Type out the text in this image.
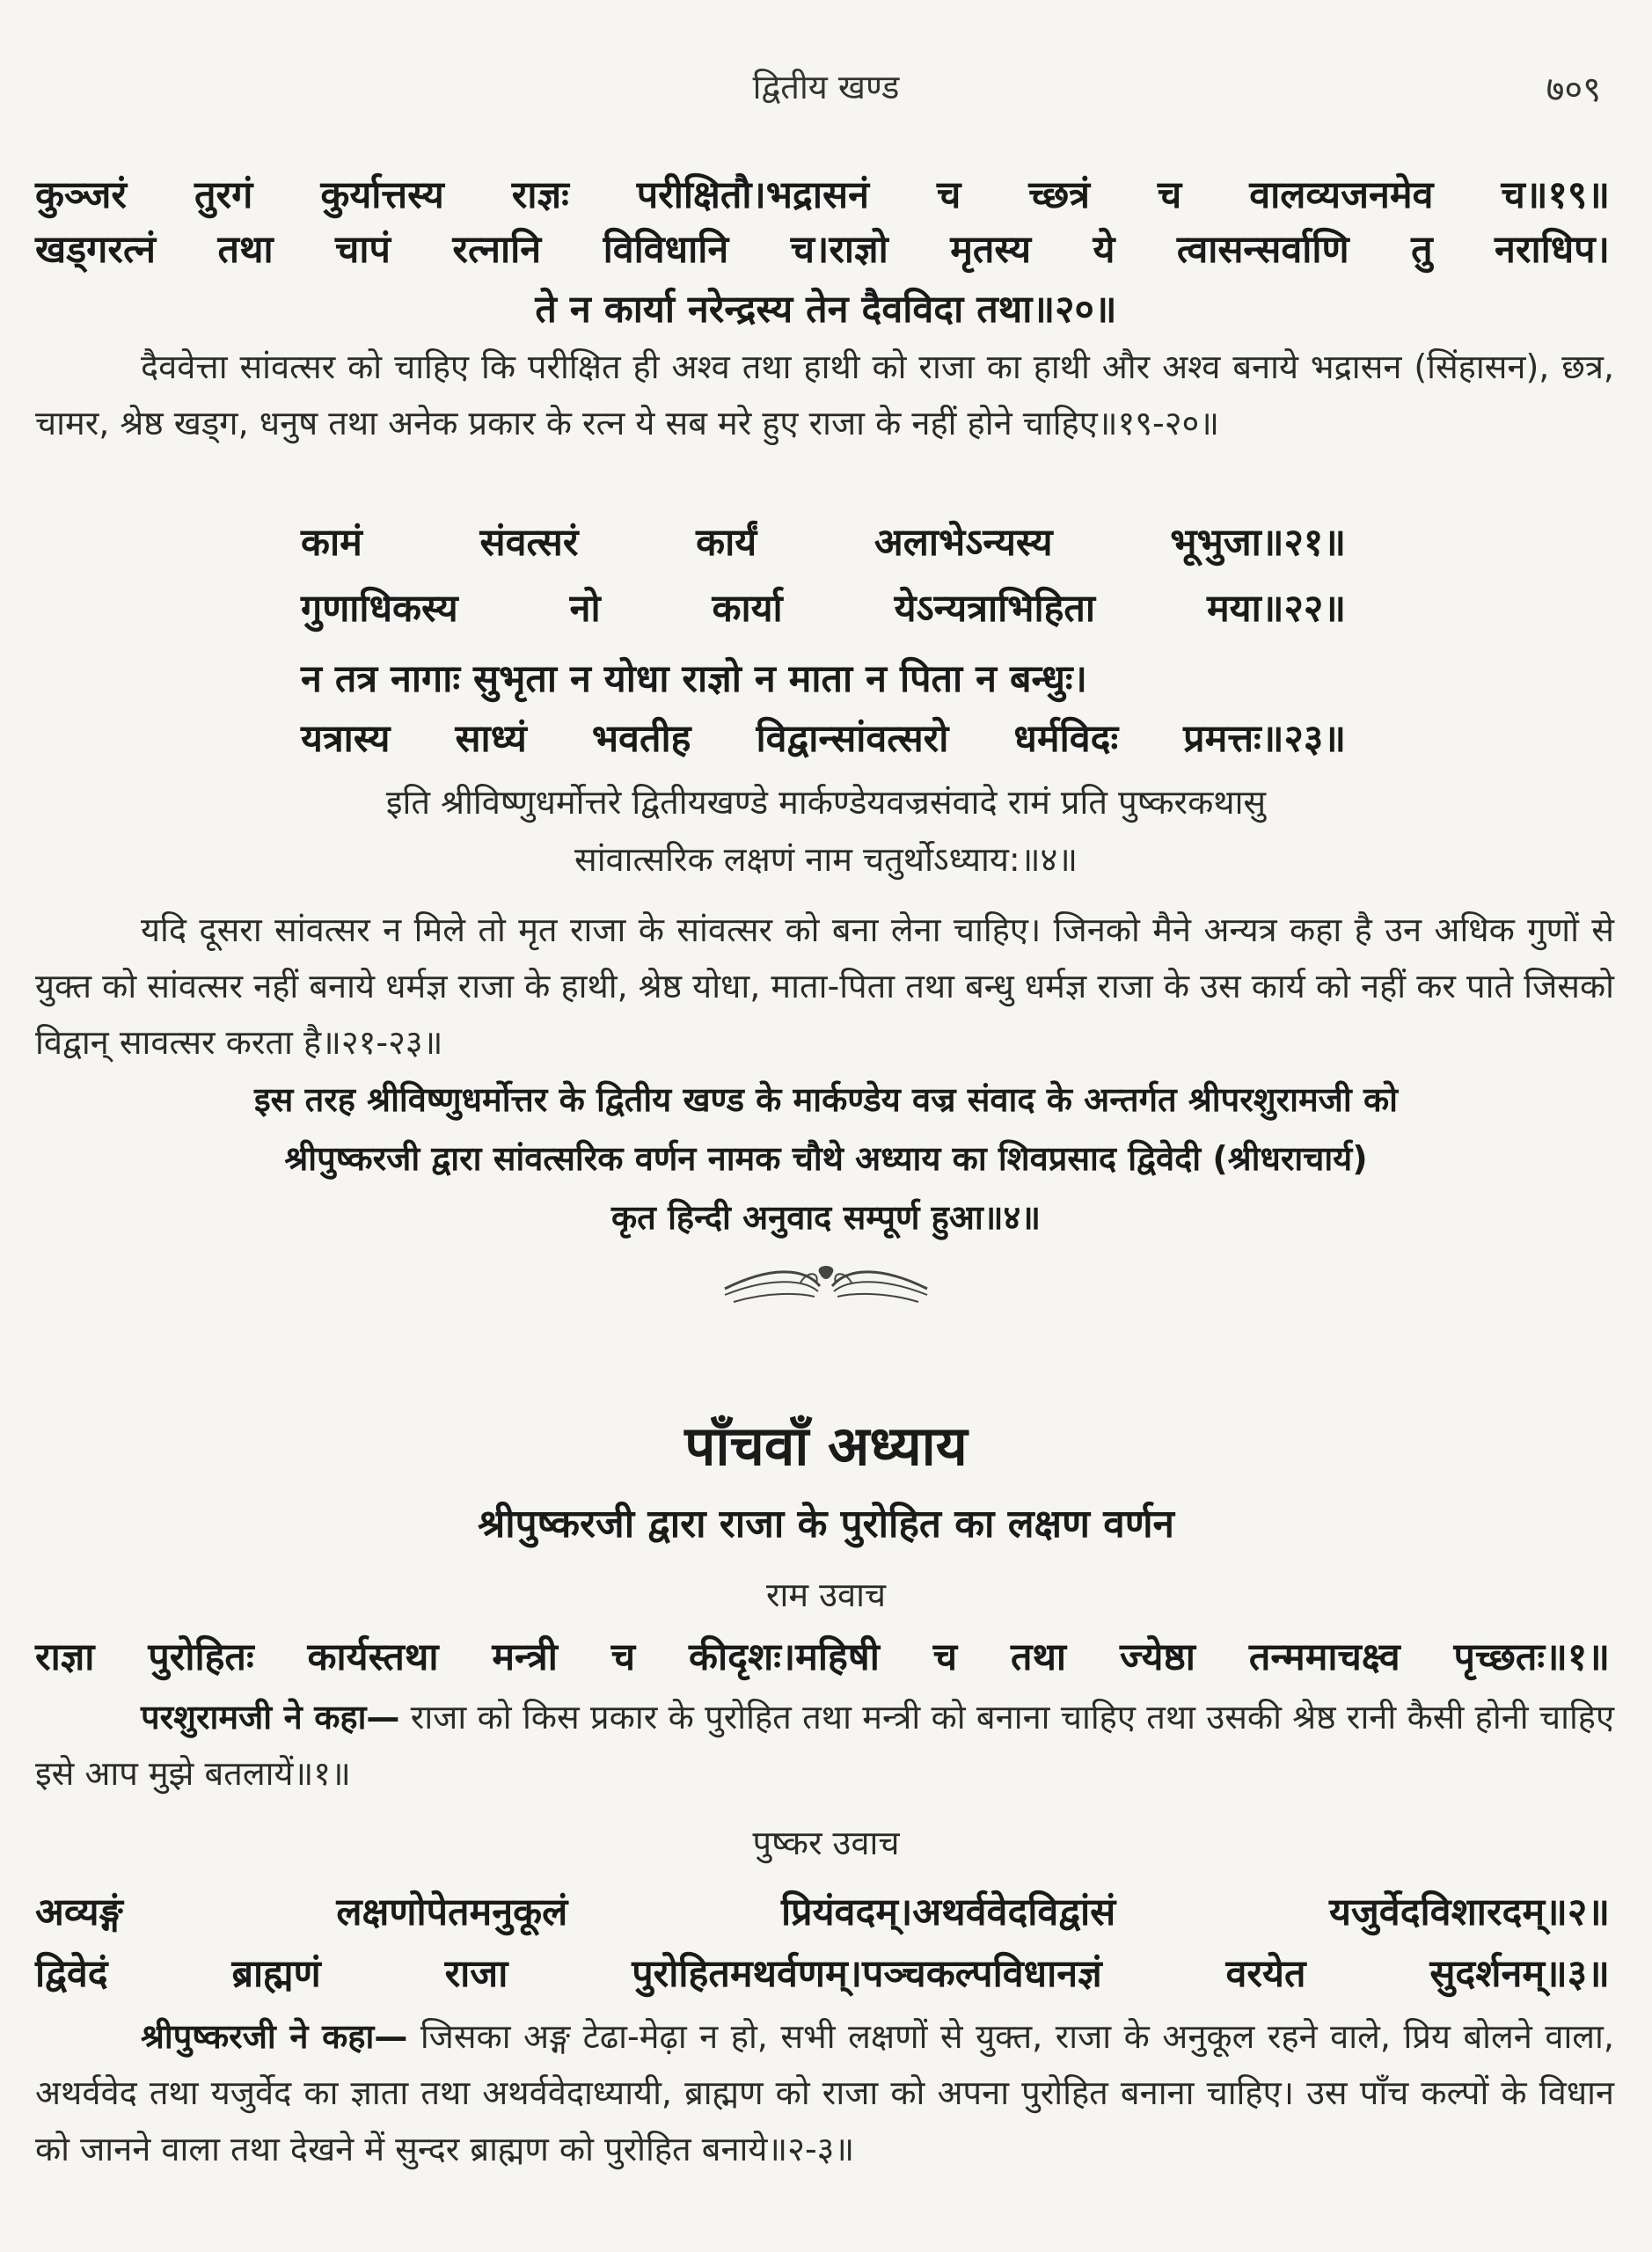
द्वितीय खण्ड	७०९
कुञ्जरं तुरगं कुर्यात्तस्य राज्ञः परीक्षितौ।भद्रासनं च च्छत्रं च वालव्यजनमेव च॥१९॥
खड्गरत्नं तथा चापं रत्नानि विविधानि च।राज्ञो मृतस्य ये त्वासन्सर्वाणि तु नराधिप।
ते न कार्या नरेन्द्रस्य तेन दैवविदा तथा॥२०॥
दैववेत्ता सांवत्सर को चाहिए कि परीक्षित ही अश्व तथा हाथी को राजा का हाथी और अश्व बनाये भद्रासन (सिंहासन), छत्र, चामर, श्रेष्ठ खड्ग, धनुष तथा अनेक प्रकार के रत्न ये सब मरे हुए राजा के नहीं होने चाहिए॥१९-२०॥
कामं	संवत्सरं	कार्यं	अलाभेऽन्यस्य	भूभुजा॥२१॥
गुणाधिकस्य	नो	कार्या	येऽन्यत्राभिहिता	मया॥२२॥
न तत्र नागाः सुभृता न योधा राज्ञो न माता न पिता न बन्धुः।
यत्रास्य साध्यं भवतीह विद्वान्सांवत्सरो धर्मविदः प्रमत्तः॥२३॥
इति श्रीविष्णुधर्मोत्तरे द्वितीयखण्डे मार्कण्डेयवज्रसंवादे रामं प्रति पुष्करकथासु
सांवात्सरिक लक्षणं नाम चतुर्थोऽध्याय:॥४॥
यदि दूसरा सांवत्सर न मिले तो मृत राजा के सांवत्सर को बना लेना चाहिए। जिनको मैने अन्यत्र कहा है उन अधिक गुणों से युक्त को सांवत्सर नहीं बनाये धर्मज्ञ राजा के हाथी, श्रेष्ठ योधा, माता-पिता तथा बन्धु धर्मज्ञ राजा के उस कार्य को नहीं कर पाते जिसको विद्वान् सावत्सर करता है॥२१-२३॥
इस तरह श्रीविष्णुधर्मोत्तर के द्वितीय खण्ड के मार्कण्डेय वज्र संवाद के अन्तर्गत श्रीपरशुरामजी को
श्रीपुष्करजी द्वारा सांवत्सरिक वर्णन नामक चौथे अध्याय का शिवप्रसाद द्विवेदी (श्रीधराचार्य)
कृत हिन्दी अनुवाद सम्पूर्ण हुआ॥४॥
पाँचवाँ अध्याय
श्रीपुष्करजी द्वारा राजा के पुरोहित का लक्षण वर्णन
राम उवाच
राज्ञा पुरोहितः कार्यस्तथा मन्त्री च कीदृशः।महिषी च तथा ज्येष्ठा तन्ममाचक्ष्व पृच्छतः॥१॥
परशुरामजी ने कहा— राजा को किस प्रकार के पुरोहित तथा मन्त्री को बनाना चाहिए तथा उसकी श्रेष्ठ रानी कैसी होनी चाहिए इसे आप मुझे बतलायें॥१॥
पुष्कर उवाच
अव्यङ्गं	लक्षणोपेतमनुकूलं	प्रियंवदम्।अथर्ववेदविद्वांसं	यजुर्वेदविशारदम्॥२॥
द्विवेदं	ब्राह्मणं	राजा	पुरोहितमथर्वणम्।पञ्चकल्पविधानज्ञं	वरयेत	सुदर्शनम्॥३॥
श्रीपुष्करजी ने कहा— जिसका अङ्ग टेढा-मेढ़ा न हो, सभी लक्षणों से युक्त, राजा के अनुकूल रहने वाले, प्रिय बोलने वाला, अथर्ववेद तथा यजुर्वेद का ज्ञाता तथा अथर्ववेदाध्यायी, ब्राह्मण को राजा को अपना पुरोहित बनाना चाहिए। उस पाँच कल्पों के विधान को जानने वाला तथा देखने में सुन्दर ब्राह्मण को पुरोहित बनाये॥२-३॥
